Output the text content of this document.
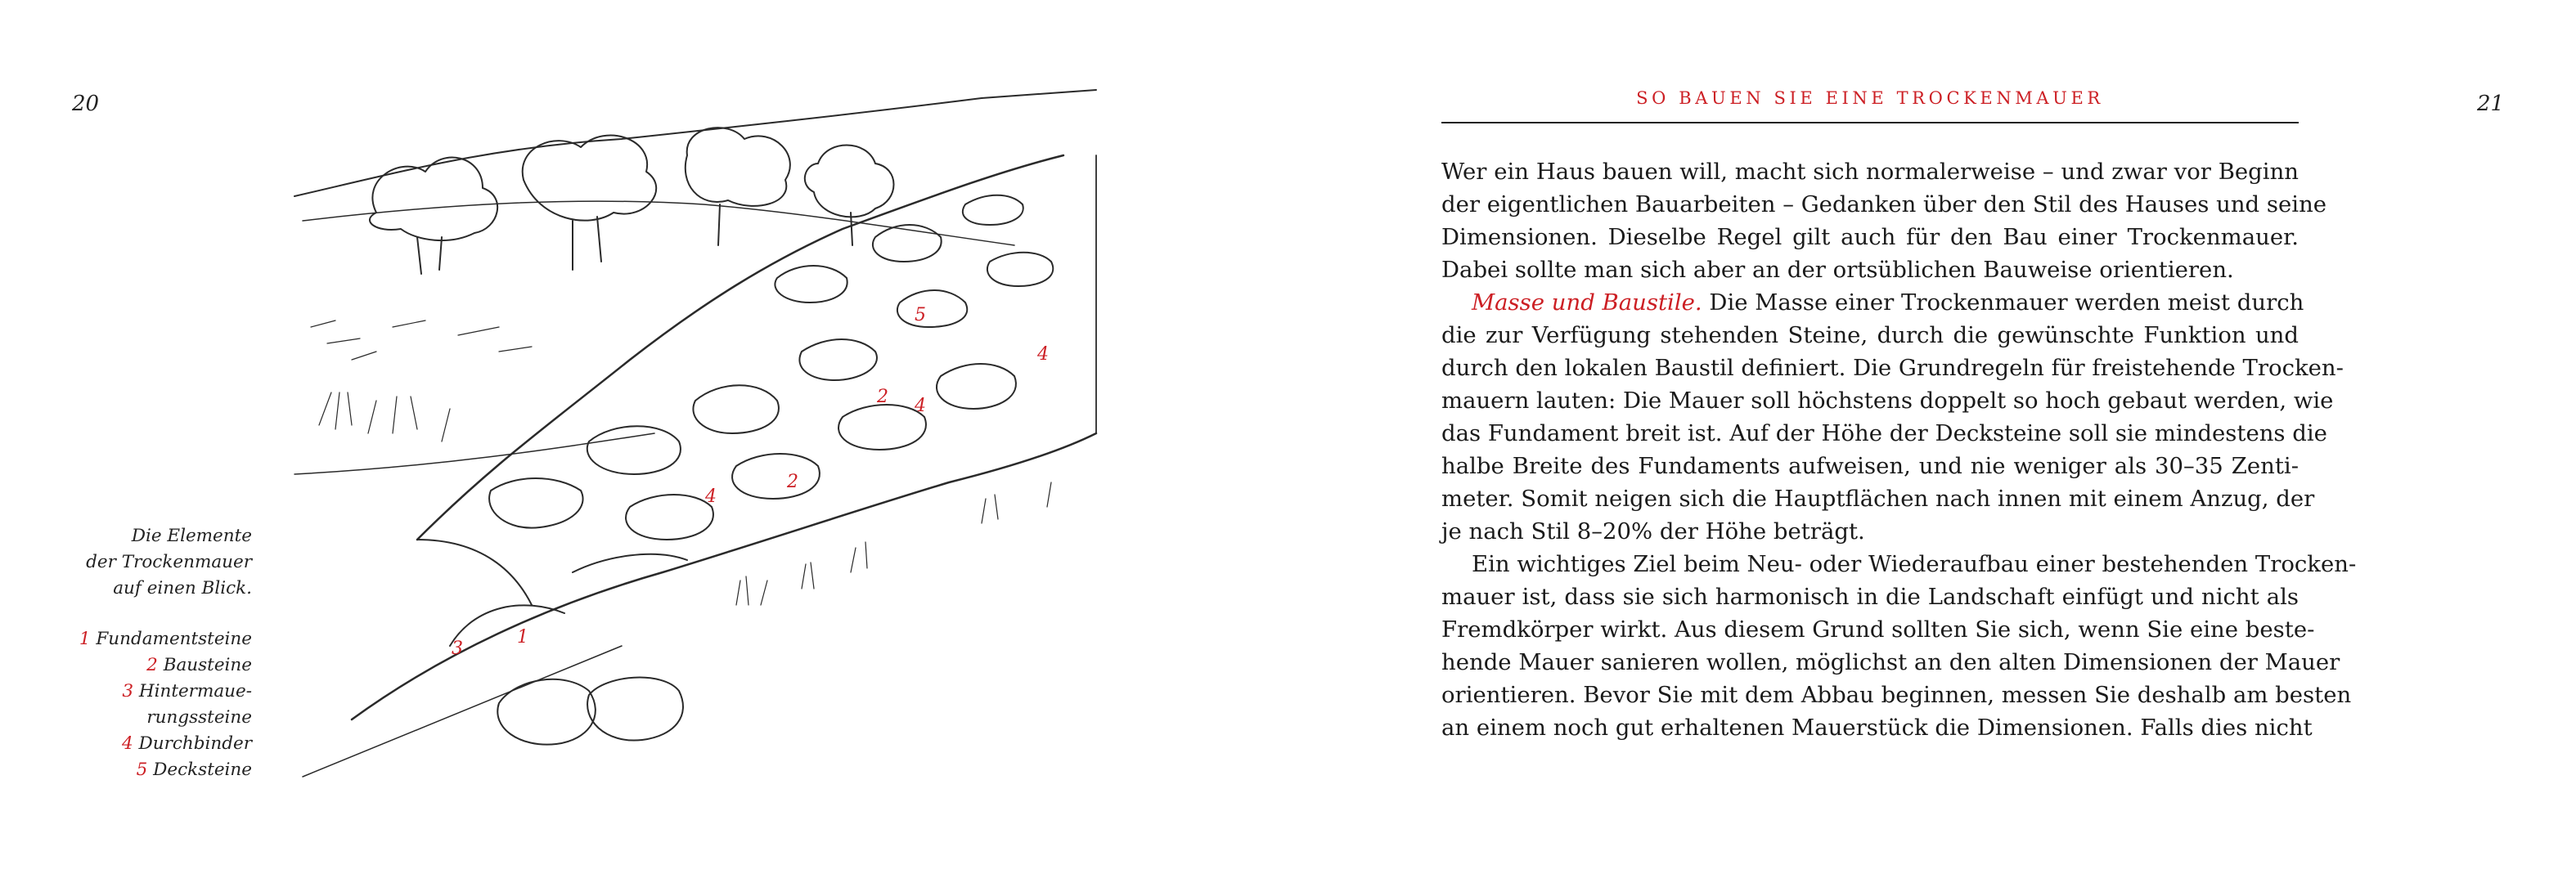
20
Die Elemente
der Trockenmauer
auf einen Blick.
1 Fundamentsteine
2 Bausteine
3 Hintermaue-
rungssteine
4 Durchbinder
5 Decksteine
5
4
2 4
4
2
1
3
SO BAUEN SIE EINE TROCKENMAUER	21
Wer ein Haus bauen will, macht sich normalerweise – und zwar vor Beginn
der eigentlichen Bauarbeiten – Gedanken über den Stil des Hauses und seine
Dimensionen. Dieselbe Regel gilt auch für den Bau einer Trockenmauer.
Dabei sollte man sich aber an der ortsüblichen Bauweise orientieren.
Masse und Baustile. Die Masse einer Trockenmauer werden meist durch
die zur Verfügung stehenden Steine, durch die gewünschte Funktion und
durch den lokalen Baustil definiert. Die Grundregeln für freistehende Trocken-
mauern lauten: Die Mauer soll höchstens doppelt so hoch gebaut werden, wie
das Fundament breit ist. Auf der Höhe der Decksteine soll sie mindestens die
halbe Breite des Fundaments aufweisen, und nie weniger als 30–35 Zenti-
meter. Somit neigen sich die Hauptflächen nach innen mit einem Anzug, der
je nach Stil 8–20% der Höhe beträgt.
Ein wichtiges Ziel beim Neu- oder Wiederaufbau einer bestehenden Trocken-
mauer ist, dass sie sich harmonisch in die Landschaft einfügt und nicht als
Fremdkörper wirkt. Aus diesem Grund sollten Sie sich, wenn Sie eine beste-
hende Mauer sanieren wollen, möglichst an den alten Dimensionen der Mauer
orientieren. Bevor Sie mit dem Abbau beginnen, messen Sie deshalb am besten
an einem noch gut erhaltenen Mauerstück die Dimensionen. Falls dies nicht
